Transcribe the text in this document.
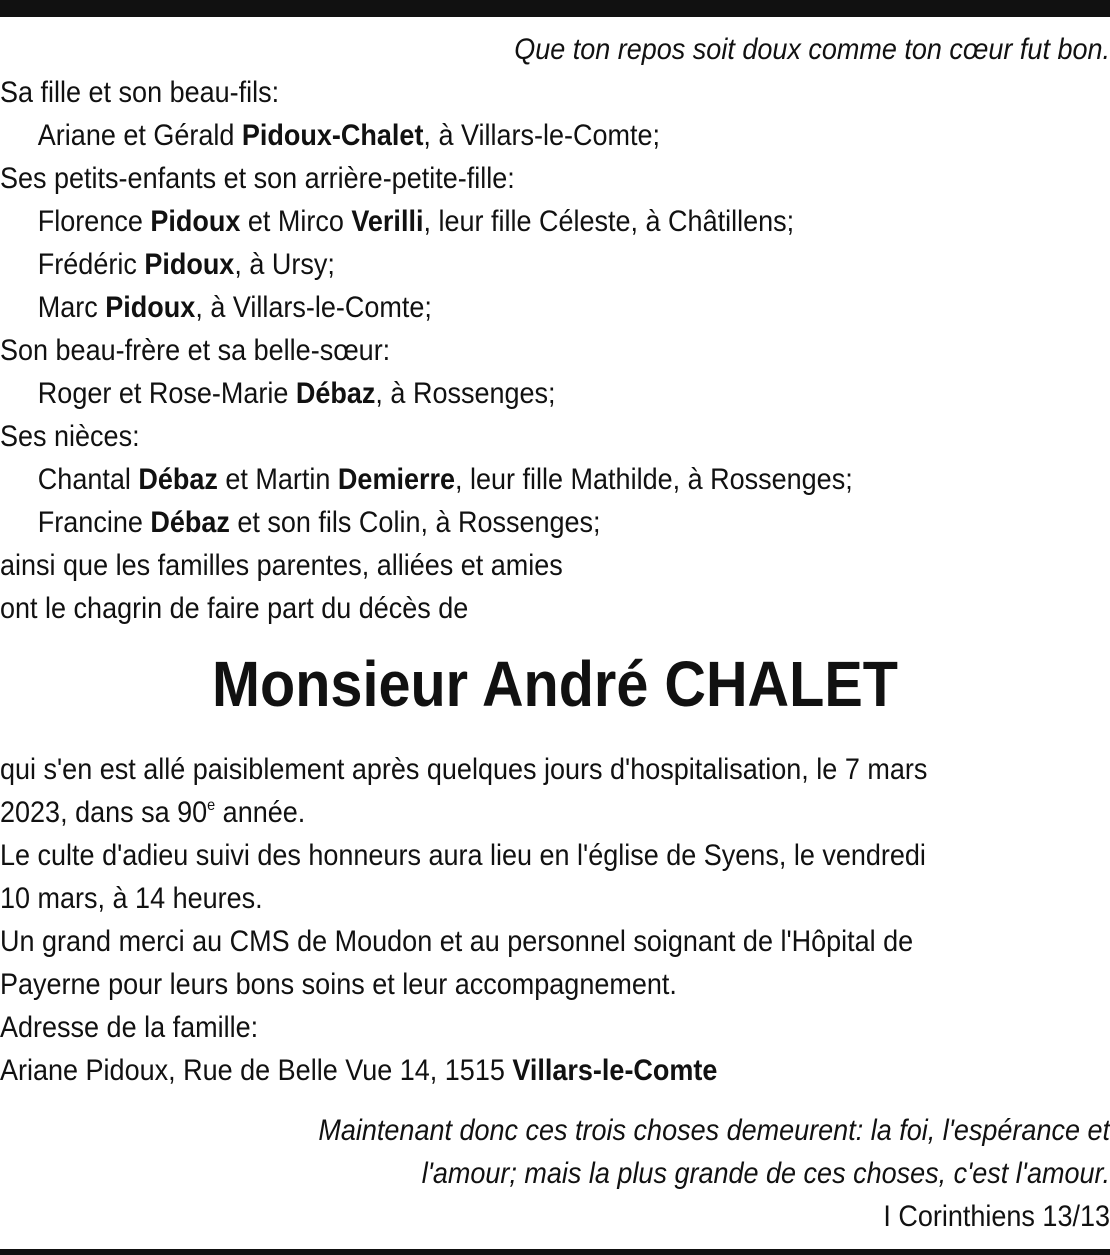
Que ton repos soit doux comme ton cœur fut bon.
Sa fille et son beau-fils:
Ariane et Gérald Pidoux-Chalet, à Villars-le-Comte;
Ses petits-enfants et son arrière-petite-fille:
Florence Pidoux et Mirco Verilli, leur fille Céleste, à Châtillens;
Frédéric Pidoux, à Ursy;
Marc Pidoux, à Villars-le-Comte;
Son beau-frère et sa belle-sœur:
Roger et Rose-Marie Débaz, à Rossenges;
Ses nièces:
Chantal Débaz et Martin Demierre, leur fille Mathilde, à Rossenges;
Francine Débaz et son fils Colin, à Rossenges;
ainsi que les familles parentes, alliées et amies
ont le chagrin de faire part du décès de
Monsieur André CHALET
qui s'en est allé paisiblement après quelques jours d'hospitalisation, le 7 mars
2023, dans sa 90e année.
Le culte d'adieu suivi des honneurs aura lieu en l'église de Syens, le vendredi
10 mars, à 14 heures.
Un grand merci au CMS de Moudon et au personnel soignant de l'Hôpital de
Payerne pour leurs bons soins et leur accompagnement.
Adresse de la famille:
Ariane Pidoux, Rue de Belle Vue 14, 1515 Villars-le-Comte
Maintenant donc ces trois choses demeurent: la foi, l'espérance et
l'amour; mais la plus grande de ces choses, c'est l'amour.
I Corinthiens 13/13
